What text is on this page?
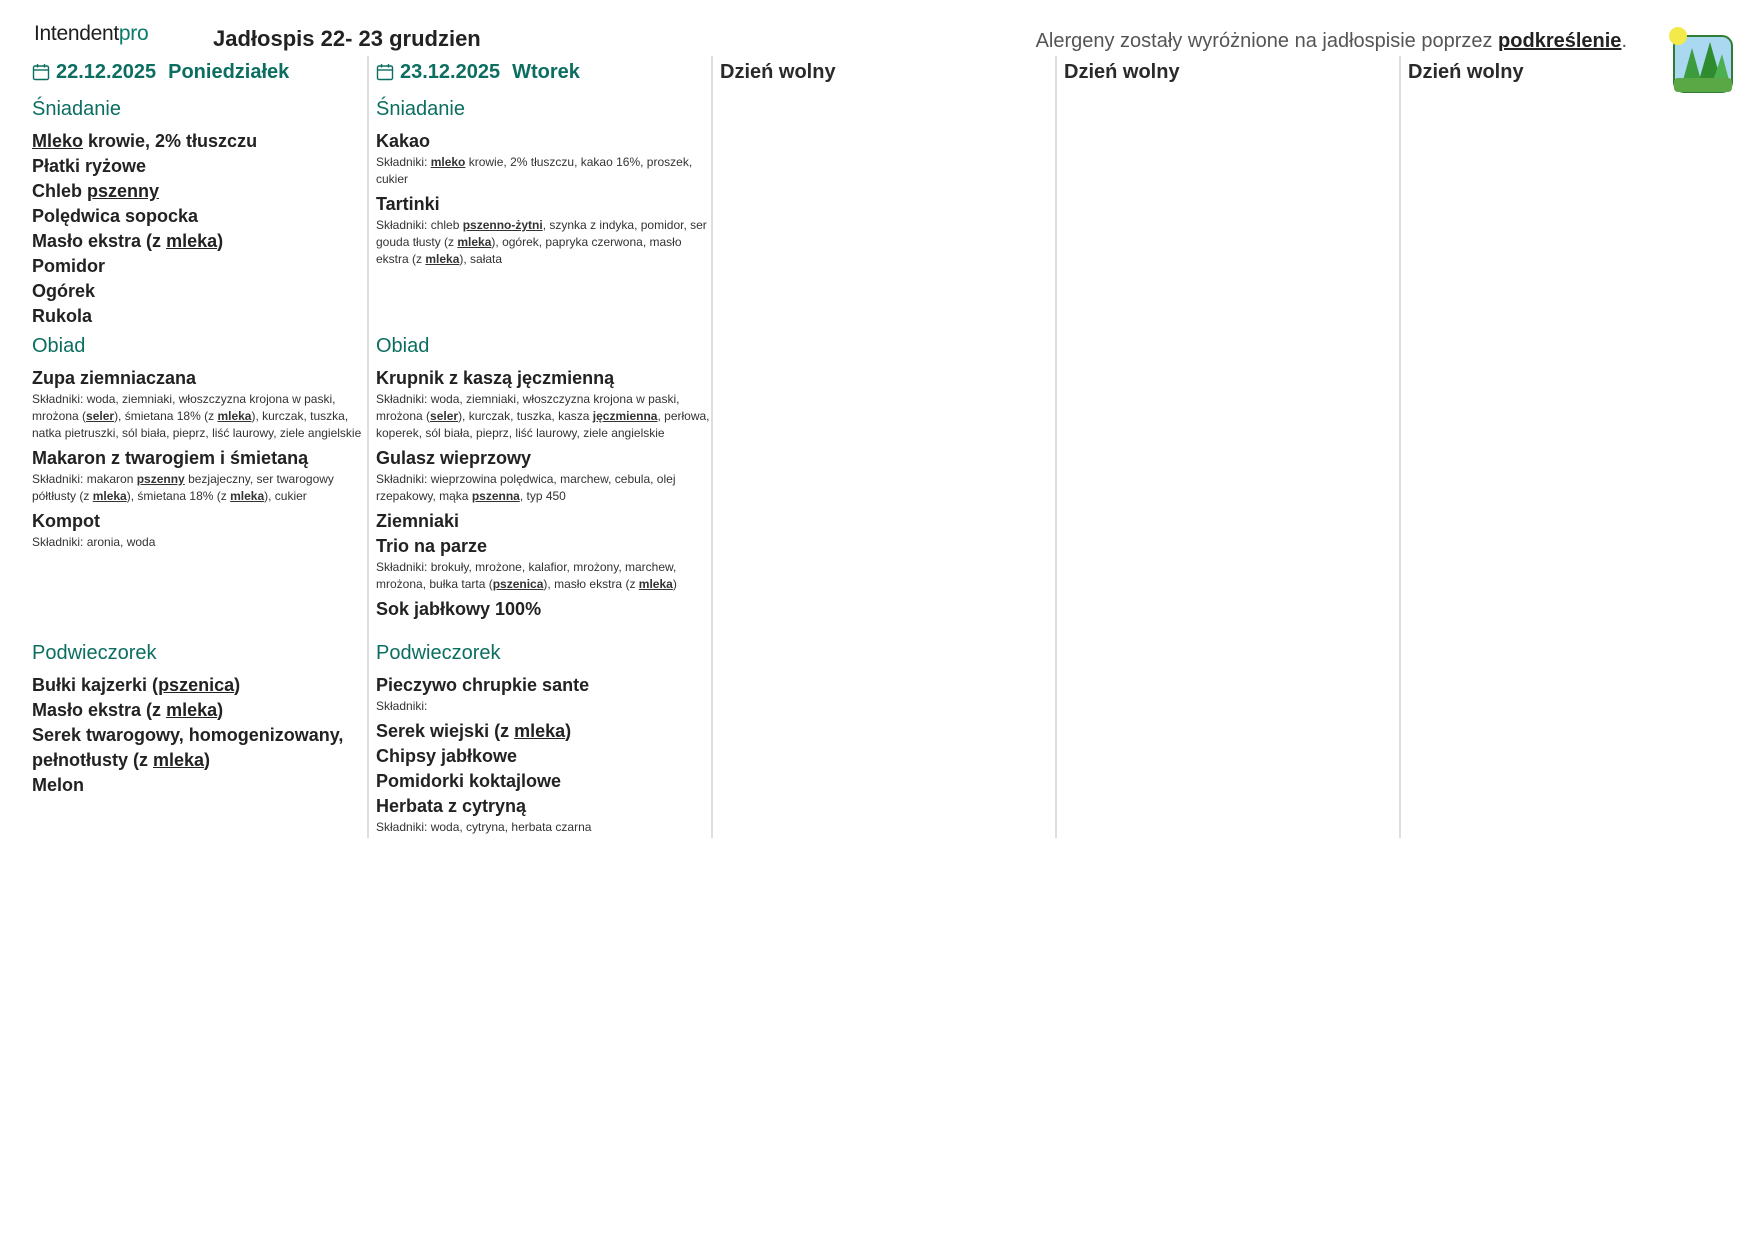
Intendentpro	Jadłospis 22- 23 grudzien	Alergeny zostały wyróżnione na jadłospisie poprzez podkreślenie.
22.12.2025 Poniedziałek
Śniadanie
Mleko krowie, 2% tłuszczu
Płatki ryżowe
Chleb pszenny
Polędwica sopocka
Masło ekstra (z mleka)
Pomidor
Ogórek
Rukola
Obiad
Zupa ziemniaczana
Składniki: woda, ziemniaki, włoszczyzna krojona w paski, mrożona (seler), śmietana 18% (z mleka), kurczak, tuszka, natka pietruszki, sól biała, pieprz, liść laurowy, ziele angielskie
Makaron z twarogiem i śmietaną
Składniki: makaron pszenny bezjajeczny, ser twarogowy półtłusty (z mleka), śmietana 18% (z mleka), cukier
Kompot
Składniki: aronia, woda
Podwieczorek
Bułki kajzerki (pszenica)
Masło ekstra (z mleka)
Serek twarogowy, homogenizowany, pełnotłusty (z mleka)
Melon
23.12.2025 Wtorek
Śniadanie
Kakao
Składniki: mleko krowie, 2% tłuszczu, kakao 16%, proszek, cukier
Tartinki
Składniki: chleb pszenno-żytni, szynka z indyka, pomidor, ser gouda tłusty (z mleka), ogórek, papryka czerwona, masło ekstra (z mleka), sałata
Obiad
Krupnik z kaszą jęczmienną
Składniki: woda, ziemniaki, włoszczyzna krojona w paski, mrożona (seler), kurczak, tuszka, kasza jęczmienna, perłowa, koperek, sól biała, pieprz, liść laurowy, ziele angielskie
Gulasz wieprzowy
Składniki: wieprzowina polędwica, marchew, cebula, olej rzepakowy, mąka pszenna, typ 450
Ziemniaki
Trio na parze
Składniki: brokuły, mrożone, kalafior, mrożony, marchew, mrożona, bułka tarta (pszenica), masło ekstra (z mleka)
Sok jabłkowy 100%
Podwieczorek
Pieczywo chrupkie sante
Składniki:
Serek wiejski (z mleka)
Chipsy jabłkowe
Pomidorki koktajlowe
Herbata z cytryną
Składniki: woda, cytryna, herbata czarna
Dzień wolny	Dzień wolny	Dzień wolny
